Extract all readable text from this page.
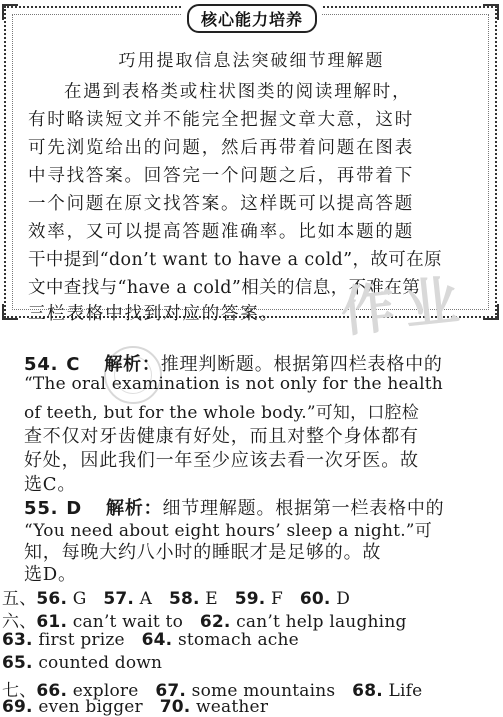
核心能力培养
巧用提取信息法突破细节理解题
在遇到表格类或柱状图类的阅读理解时，
有时略读短文并不能完全把握文章大意，这时
可先浏览给出的问题，然后再带着问题在图表
中寻找答案。回答完一个问题之后，再带着下
一个问题在原文找答案。这样既可以提高答题
效率，又可以提高答题准确率。比如本题的题
干中提到“don’t want to have a cold”，故可在原
文中查找与“have a cold”相关的信息，不难在第
三栏表格中找到对应的答案。	作业
54. C 解析：推理判断题。根据第四栏表格中的
“The oral examination is not only for the health
of teeth, but for the whole body.”可知，口腔检
查不仅对牙齿健康有好处，而且对整个身体都有
好处，因此我们一年至少应该去看一次牙医。故
选C。
55. D 解析：细节理解题。根据第一栏表格中的
“You need about eight hours’ sleep a night.”可
知，每晚大约八小时的睡眠才是足够的。故
选D。
五、56. G 57. A 58. E 59. F 60. D
六、61. can’t wait to 62. can’t help laughing
63. first prize 64. stomach ache
65. counted down
七、66. explore 67. some mountains 68. Life
69. even bigger 70. weather
